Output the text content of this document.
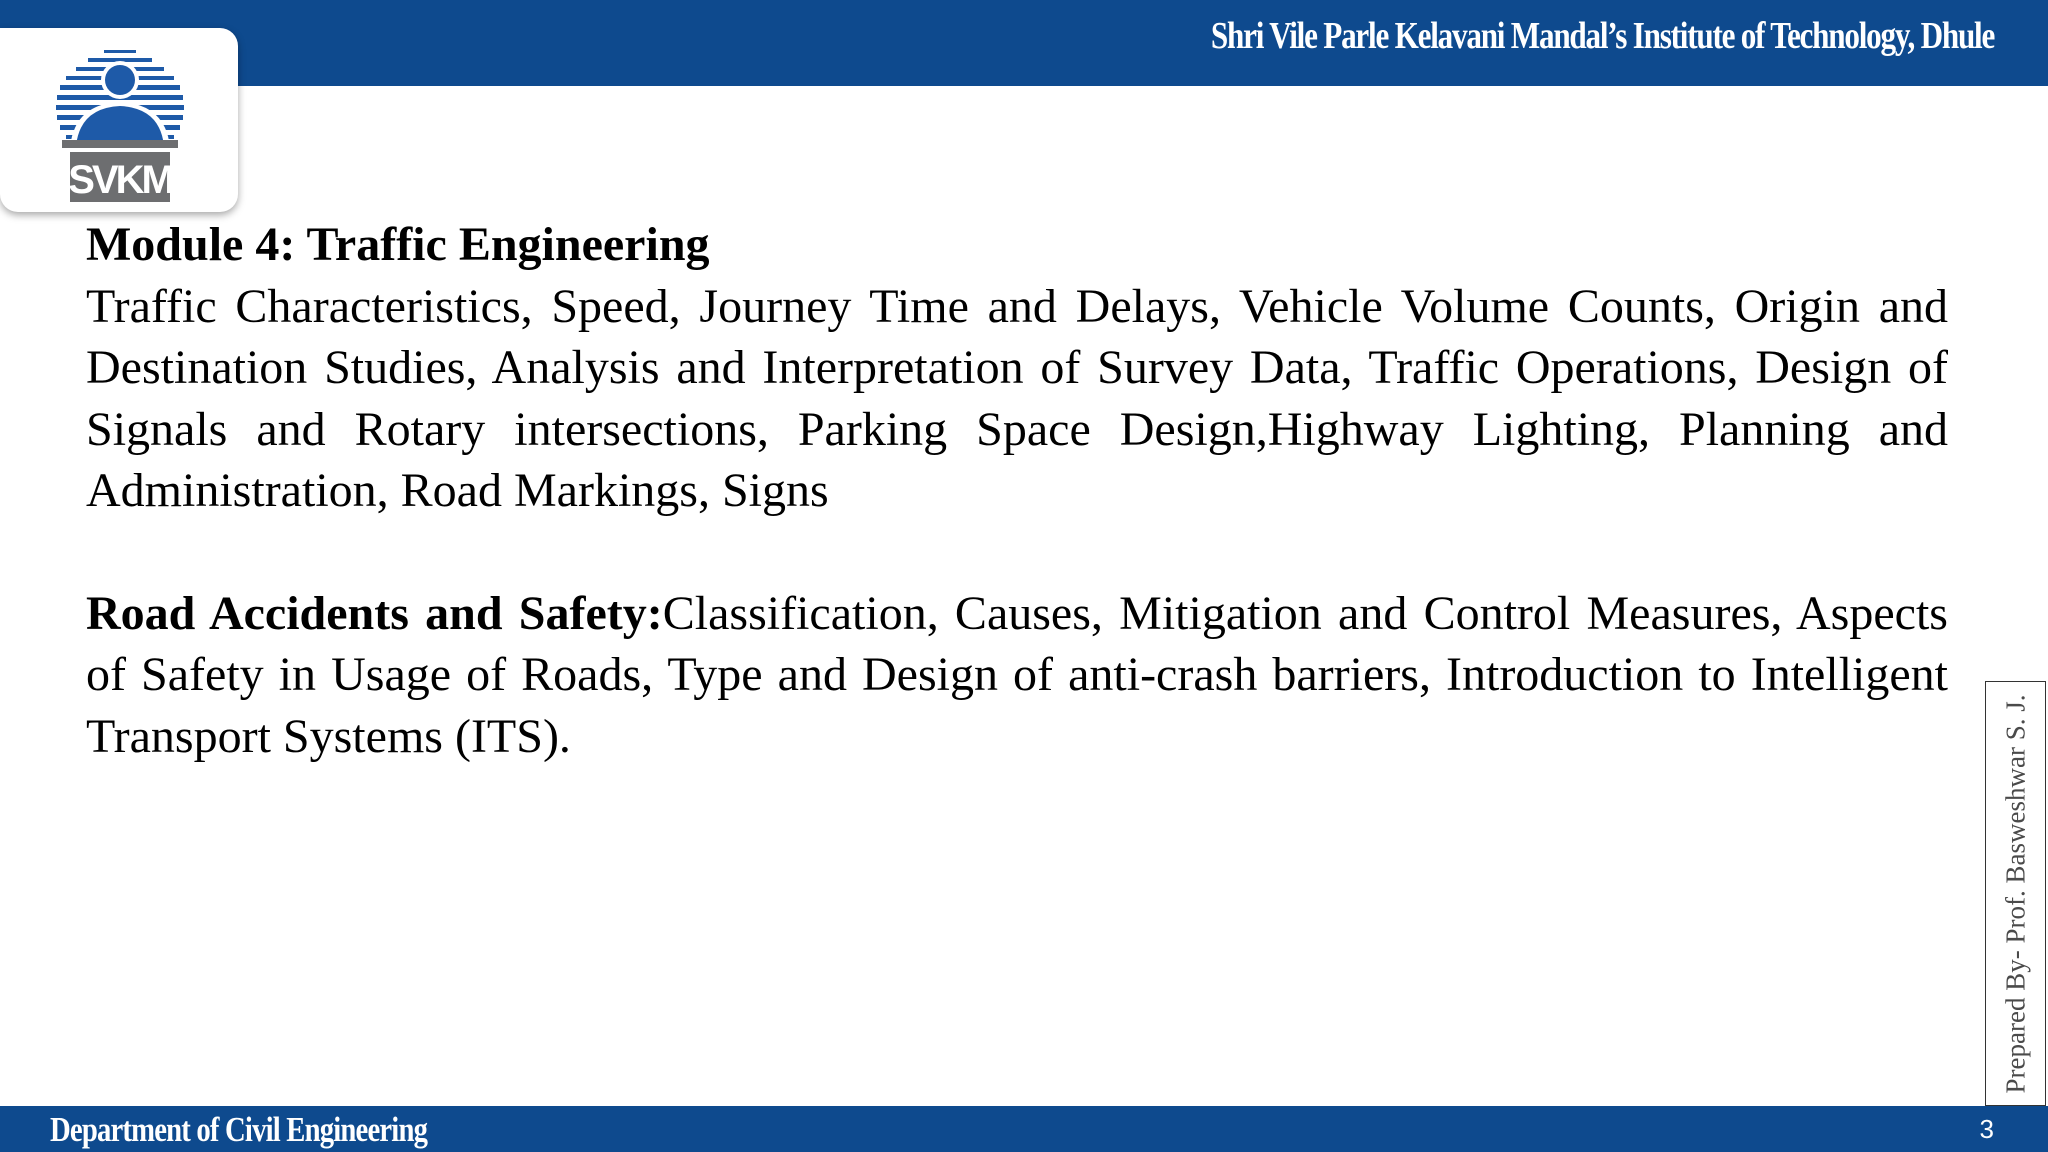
Shri Vile Parle Kelavani Mandal’s Institute of Technology, Dhule
SVKM

Module 4: Traffic Engineering

Traffic Characteristics, Speed, Journey Time and Delays, Vehicle Volume Counts, Origin and Destination Studies, Analysis and Interpretation of Survey Data, Traffic Operations, Design of Signals and Rotary intersections, Parking Space Design,Highway Lighting, Planning and Administration, Road Markings, Signs

Road Accidents and Safety:Classification, Causes, Mitigation and Control Measures, Aspects of Safety in Usage of Roads, Type and Design of anti-crash barriers, Introduction to Intelligent Transport Systems (ITS).	Prepared By- Prof. Basweshwar S. J.
Department of Civil Engineering	3
